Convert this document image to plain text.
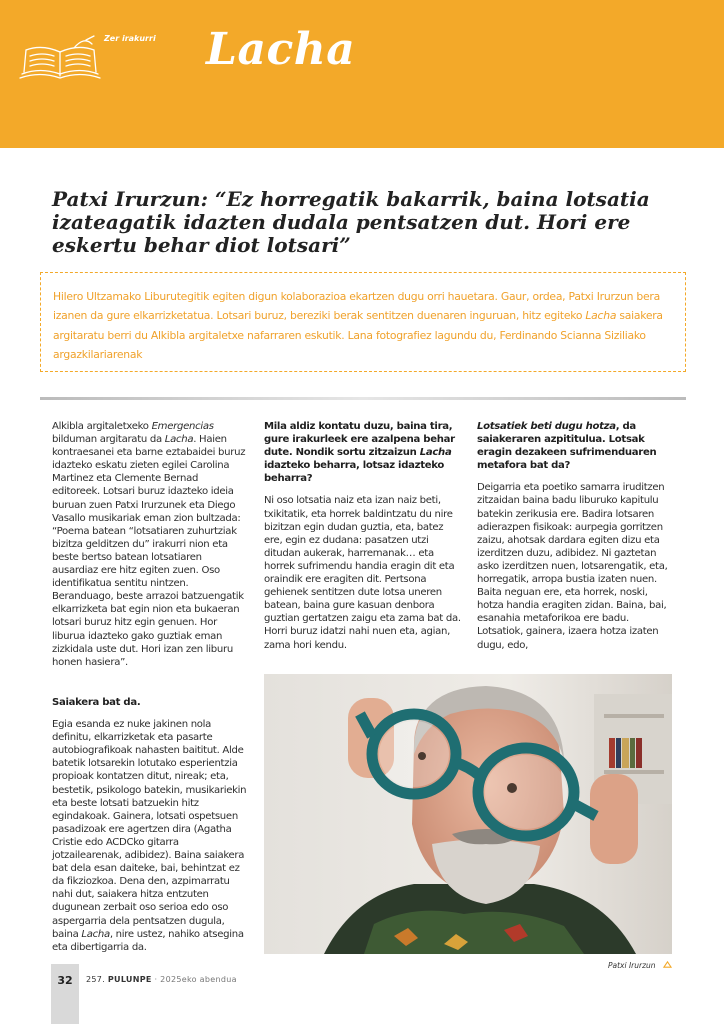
Zer irakurri Lacha
Patxi Irurzun: “Ez horregatik bakarrik, baina lotsatia izateagatik idazten dudala pentsatzen dut. Hori ere eskertu behar diot lotsari”

Hilero Ultzamako Liburutegitik egiten digun kolaborazioa ekartzen dugu orri hauetara. Gaur, ordea, Patxi Irurzun bera izanen da gure elkarrizketatua. Lotsari buruz, bereziki berak sentitzen duenaren inguruan, hitz egiteko Lacha saiakera argitaratu berri du Alkibla argitaletxe nafarraren eskutik. Lana fotografiez lagundu du, Ferdinando Scianna Siziliako argazkilariarenak

Alkibla argitaletxeko Emergencias bilduman argitaratu da Lacha. Haien kontraesanei eta barne eztabaidei buruz idazteko eskatu zieten egilei Carolina Martinez eta Clemente Bernad editoreek. Lotsari buruz idazteko ideia buruan zuen Patxi Irurzunek eta Diego Vasallo musikariak eman zion bultzada: “Poema batean “lotsatiaren zuhurtziak bizitza gelditzen du” irakurri nion eta beste bertso batean lotsatiaren ausardiaz ere hitz egiten zuen. Oso identifikatua sentitu nintzen. Beranduago, beste arrazoi batzuengatik elkarrizketa bat egin nion eta bukaeran lotsari buruz hitz egin genuen. Hor liburua idazteko gako guztiak eman zizkidala uste dut. Hori izan zen liburu honen hasiera”.

Saiakera bat da.

Egia esanda ez nuke jakinen nola definitu, elkarrizketak eta pasarte autobiografikoak nahasten baititut. Alde batetik lotsarekin lotutako esperientzia propioak kontatzen ditut, nireak; eta, bestetik, psikologo batekin, musikariekin eta beste lotsati batzuekin hitz egindakoak. Gainera, lotsati ospetsuen pasadizoak ere agertzen dira (Agatha Cristie edo ACDCko gitarra jotzailearenak, adibidez). Baina saiakera bat dela esan daiteke, bai, behintzat ez da fikziozkoa. Dena den, azpimarratu nahi dut, saiakera hitza entzuten dugunean zerbait oso serioa edo oso aspergarria dela pentsatzen dugula, baina Lacha, nire ustez, nahiko atsegina eta dibertigarria da.

Mila aldiz kontatu duzu, baina tira, gure irakurleek ere azalpena behar dute. Nondik sortu zitzaizun Lacha idazteko beharra, lotsaz idazteko beharra?

Ni oso lotsatia naiz eta izan naiz beti, txikitatik, eta horrek baldintzatu du nire bizitzan egin dudan guztia, eta, batez ere, egin ez dudana: pasatzen utzi ditudan aukerak, harremanak… eta horrek sufrimendu handia eragin dit eta oraindik ere eragiten dit. Pertsona gehienek sentitzen dute lotsa uneren batean, baina gure kasuan denbora guztian gertatzen zaigu eta zama bat da. Horri buruz idatzi nahi nuen eta, agian, zama hori kendu.

Lotsatiek beti dugu hotza, da saiakeraren azpititulua. Lotsak eragin dezakeen sufrimenduaren metafora bat da?

Deigarria eta poetiko samarra iruditzen zitzaidan baina badu liburuko kapitulu batekin zerikusia ere. Badira lotsaren adierazpen fisikoak: aurpegia gorritzen zaizu, ahotsak dardara egiten dizu eta izerditzen duzu, adibidez. Ni gaztetan asko izerditzen nuen, lotsarengatik, eta, horregatik, arropa bustia izaten nuen. Baita neguan ere, eta horrek, noski, hotza handia eragiten zidan. Baina, bai, esanahia metaforikoa ere badu. Lotsatiok, gainera, izaera hotza izaten dugu, edo,

Patxi Irurzun
32	257. PULUNPE · 2025eko abendua
